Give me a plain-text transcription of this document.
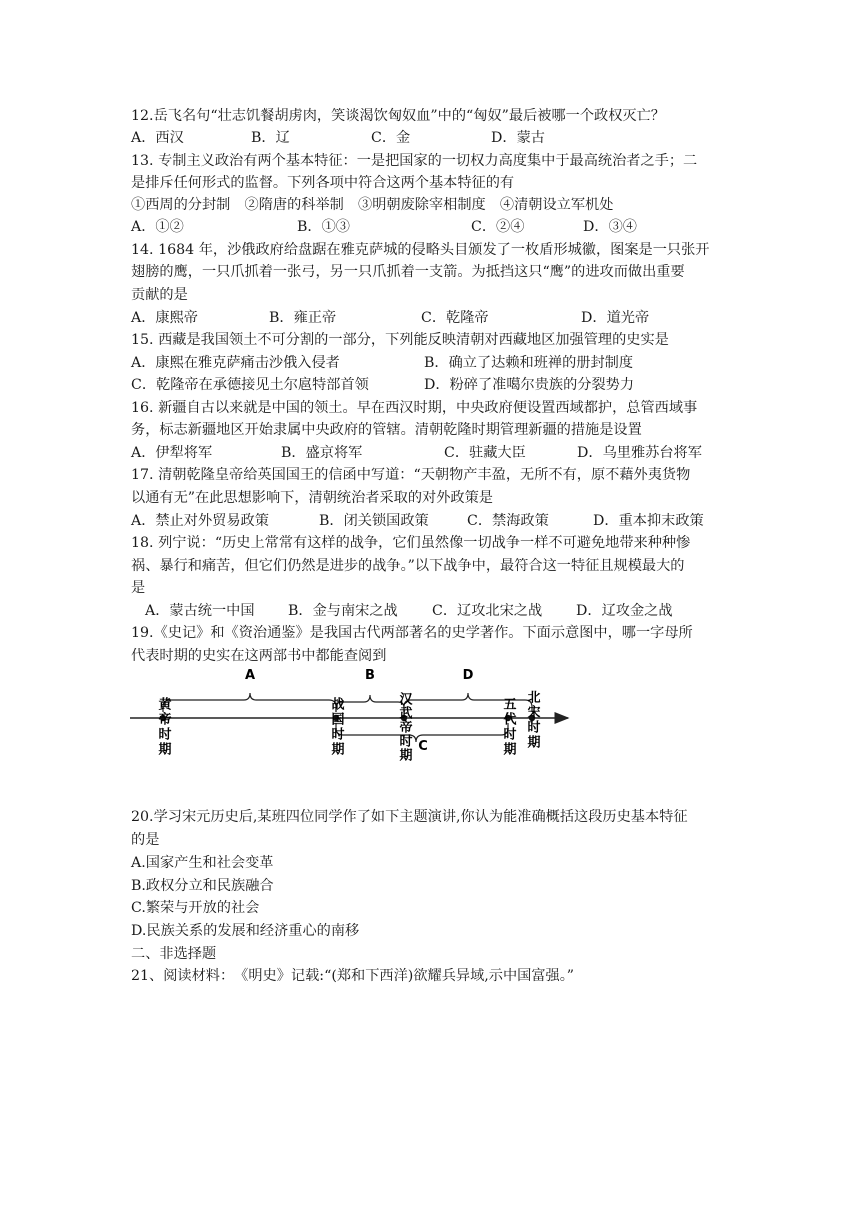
12.岳飞名句“壮志饥餐胡虏肉，笑谈渴饮匈奴血”中的“匈奴”最后被哪一个政权灭亡？
A．西汉	B．辽	C．金	D．蒙古
13. 专制主义政治有两个基本特征：一是把国家的一切权力高度集中于最高统治者之手；二
是排斥任何形式的监督。下列各项中符合这两个基本特征的有
①西周的分封制　②隋唐的科举制　③明朝废除宰相制度　④清朝设立军机处
A．①②	B．①③	C．②④	D．③④
14. 1684 年，沙俄政府给盘踞在雅克萨城的侵略头目颁发了一枚盾形城徽，图案是一只张开
翅膀的鹰，一只爪抓着一张弓，另一只爪抓着一支箭。为抵挡这只“鹰”的进攻而做出重要
贡献的是
A．康熙帝	B．雍正帝	C．乾隆帝	D．道光帝
15. 西藏是我国领土不可分割的一部分，下列能反映清朝对西藏地区加强管理的史实是
A．康熙在雅克萨痛击沙俄入侵者	B．确立了达赖和班禅的册封制度
C．乾隆帝在承德接见土尔扈特部首领	D．粉碎了准噶尔贵族的分裂势力
16. 新疆自古以来就是中国的领土。早在西汉时期，中央政府便设置西域都护，总管西域事
务，标志新疆地区开始隶属中央政府的管辖。清朝乾隆时期管理新疆的措施是设置
A．伊犁将军	B．盛京将军	C．驻藏大臣	D．乌里雅苏台将军
17. 清朝乾隆皇帝给英国国王的信函中写道：“天朝物产丰盈，无所不有，原不藉外夷货物
以通有无”在此思想影响下，清朝统治者采取的对外政策是
A．禁止对外贸易政策	B．闭关锁国政策	C．禁海政策	D．重本抑末政策
18. 列宁说：“历史上常常有这样的战争，它们虽然像一切战争一样不可避免地带来种种惨
祸、暴行和痛苦，但它们仍然是进步的战争。”以下战争中，最符合这一特征且规模最大的
是
A．蒙古统一中国 B．金与南宋之战 C．辽攻北宋之战 D．辽攻金之战
19.《史记》和《资治通鉴》是我国古代两部著名的史学著作。下面示意图中，哪一字母所
代表时期的史实在这两部书中都能查阅到
A	B	D
C
黄帝时期	战国时期	汉武帝时期	五代时期 北宋时期
20.学习宋元历史后,某班四位同学作了如下主题演讲,你认为能准确概括这段历史基本特征
的是
A.国家产生和社会变革
B.政权分立和民族融合
C.繁荣与开放的社会
D.民族关系的发展和经济重心的南移
二、非选择题
21、阅读材料：　《明史》记载:“(郑和下西洋)欲耀兵异域,示中国富强。”
